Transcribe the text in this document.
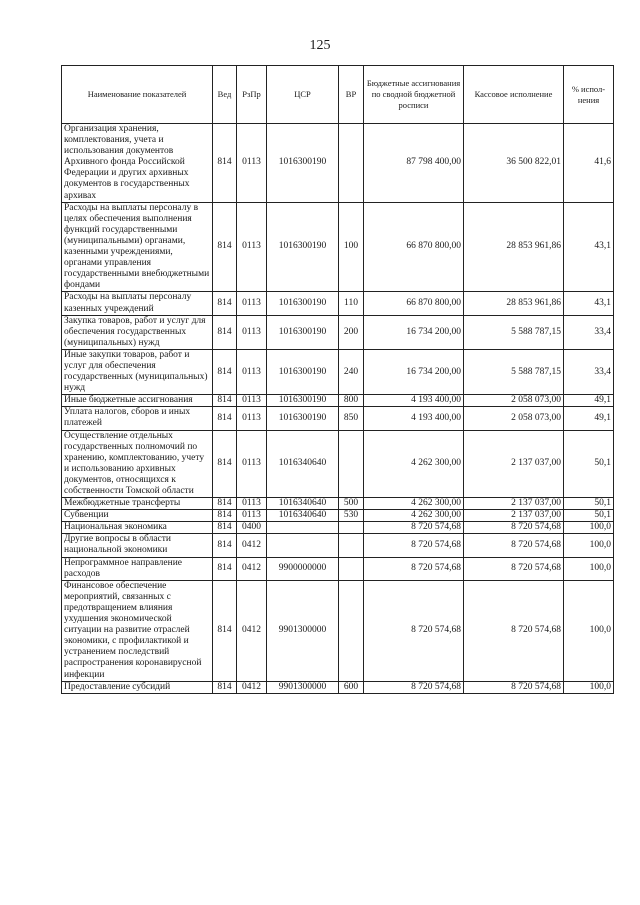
125
Наименование показателей	Вед	РзПр	ЦСР	ВР	Бюджетные ассигнования по сводной бюджетной росписи	Кассовое исполнение	% испол-нения
Организация хранения, комплектования, учета и использования документов Архивного фонда Российской Федерации и других архивных документов в государственных архивах	814	0113	1016300190		87 798 400,00	36 500 822,01	41,6
Расходы на выплаты персоналу в целях обеспечения выполнения функций государственными (муниципальными) органами, казенными учреждениями, органами управления государственными внебюджетными фондами	814	0113	1016300190	100	66 870 800,00	28 853 961,86	43,1
Расходы на выплаты персоналу казенных учреждений	814	0113	1016300190	110	66 870 800,00	28 853 961,86	43,1
Закупка товаров, работ и услуг для обеспечения государственных (муниципальных) нужд	814	0113	1016300190	200	16 734 200,00	5 588 787,15	33,4
Иные закупки товаров, работ и услуг для обеспечения государственных (муниципальных) нужд	814	0113	1016300190	240	16 734 200,00	5 588 787,15	33,4
Иные бюджетные ассигнования	814	0113	1016300190	800	4 193 400,00	2 058 073,00	49,1
Уплата налогов, сборов и иных платежей	814	0113	1016300190	850	4 193 400,00	2 058 073,00	49,1
Осуществление отдельных государственных полномочий по хранению, комплектованию, учету и использованию архивных документов, относящихся к собственности Томской области	814	0113	1016340640		4 262 300,00	2 137 037,00	50,1
Межбюджетные трансферты	814	0113	1016340640	500	4 262 300,00	2 137 037,00	50,1
Субвенции	814	0113	1016340640	530	4 262 300,00	2 137 037,00	50,1
Национальная экономика	814	0400			8 720 574,68	8 720 574,68	100,0
Другие вопросы в области национальной экономики	814	0412			8 720 574,68	8 720 574,68	100,0
Непрограммное направление расходов	814	0412	9900000000		8 720 574,68	8 720 574,68	100,0
Финансовое обеспечение мероприятий, связанных с предотвращением влияния ухудшения экономической ситуации на развитие отраслей экономики, с профилактикой и устранением последствий распространения коронавирусной инфекции	814	0412	9901300000		8 720 574,68	8 720 574,68	100,0
Предоставление субсидий	814	0412	9901300000	600	8 720 574,68	8 720 574,68	100,0
